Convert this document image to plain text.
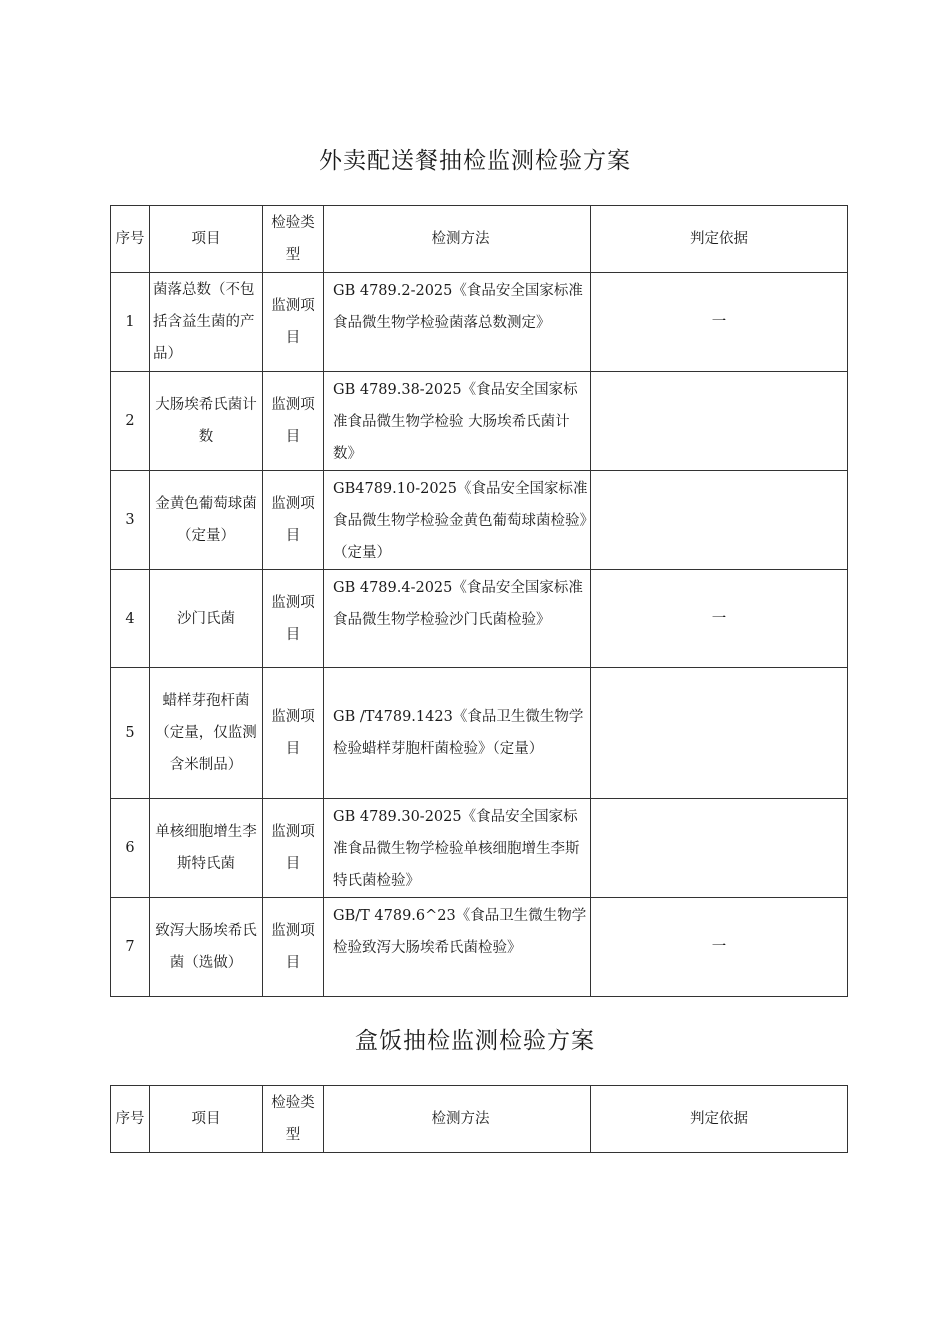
外卖配送餐抽检监测检验方案
序号	项目	检验类型	检测方法	判定依据
1	菌落总数（不包括含益生菌的产品）	监测项目	GB 4789.2-2025《食品安全国家标准食品微生物学检验菌落总数测定》	一
2	大肠埃希氏菌计数	监测项目	GB 4789.38-2025《食品安全国家标准食品微生物学检验 大肠埃希氏菌计数》	
3	金黄色葡萄球菌（定量）	监测项目	GB4789.10-2025《食品安全国家标准食品微生物学检验金黄色葡萄球菌检验》（定量）	
4	沙门氏菌	监测项目	GB 4789.4-2025《食品安全国家标准食品微生物学检验沙门氏菌检验》	一
5	蜡样芽孢杆菌（定量，仅监测含米制品）	监测项目	GB /T4789.1423《食品卫生微生物学检验蜡样芽胞杆菌检验》（定量）	
6	单核细胞增生李斯特氏菌	监测项目	GB 4789.30-2025《食品安全国家标准食品微生物学检验单核细胞增生李斯特氏菌检验》	
7	致泻大肠埃希氏菌（选做）	监测项目	GB/T 4789.6^23《食品卫生微生物学检验致泻大肠埃希氏菌检验》	一
盒饭抽检监测检验方案
序号	项目	检验类型	检测方法	判定依据
